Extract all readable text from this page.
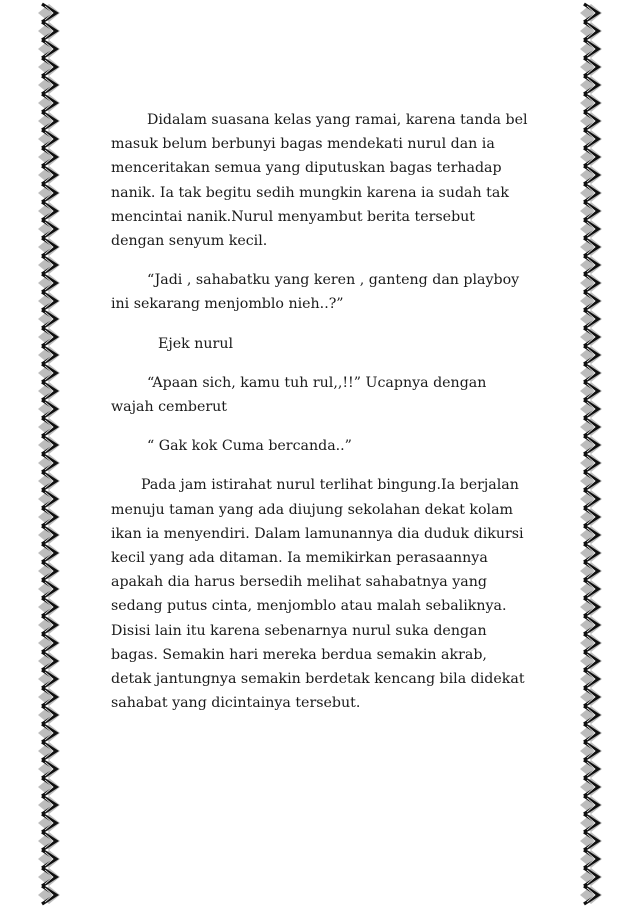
Didalam suasana kelas yang ramai, karena tanda bel masuk belum berbunyi bagas mendekati nurul dan ia menceritakan semua yang diputuskan bagas terhadap nanik. Ia tak begitu sedih mungkin karena ia sudah tak mencintai nanik.Nurul menyambut berita tersebut dengan senyum kecil.

“Jadi , sahabatku yang keren , ganteng dan playboy ini sekarang menjomblo nieh..?”

Ejek nurul

“Apaan sich, kamu tuh rul,,!!” Ucapnya dengan wajah cemberut

“ Gak kok Cuma bercanda..”

Pada jam istirahat nurul terlihat bingung.Ia berjalan menuju taman yang ada diujung sekolahan dekat kolam ikan ia menyendiri. Dalam lamunannya dia duduk dikursi kecil yang ada ditaman. Ia memikirkan perasaannya apakah dia harus bersedih melihat sahabatnya yang sedang putus cinta, menjomblo atau malah sebaliknya. Disisi lain itu karena sebenarnya nurul suka dengan bagas. Semakin hari mereka berdua semakin akrab, detak jantungnya semakin berdetak kencang bila didekat sahabat yang dicintainya tersebut.
